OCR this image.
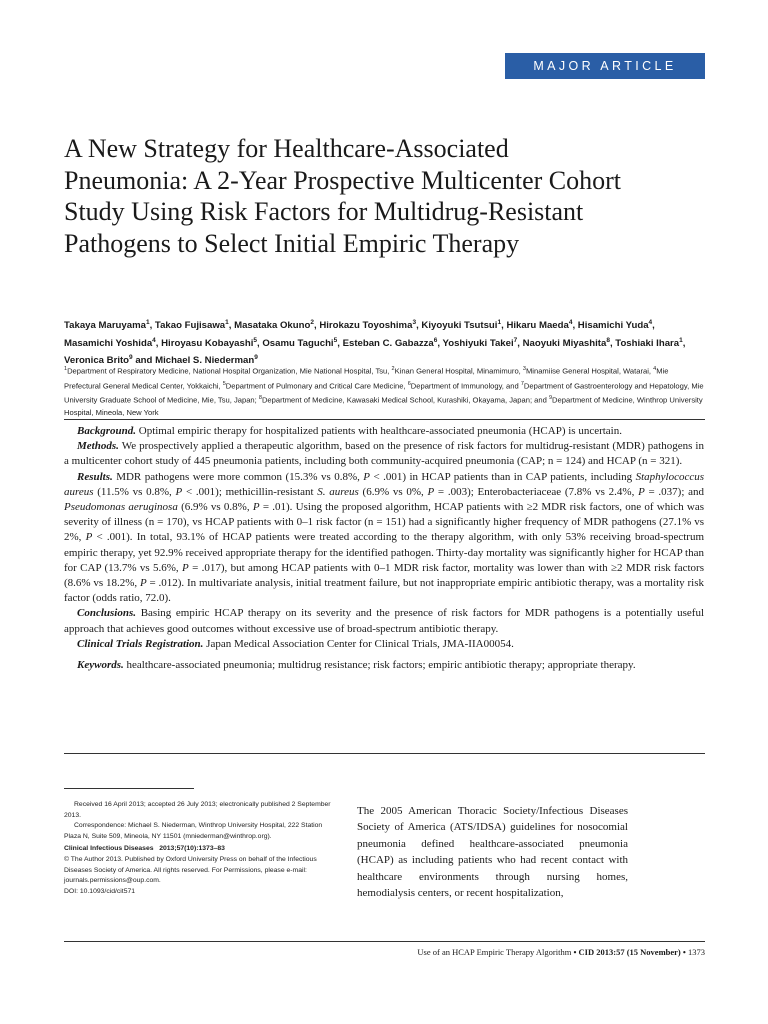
MAJOR ARTICLE
A New Strategy for Healthcare-Associated Pneumonia: A 2-Year Prospective Multicenter Cohort Study Using Risk Factors for Multidrug-Resistant Pathogens to Select Initial Empiric Therapy
Takaya Maruyama$^1$, Takao Fujisawa$^1$, Masataka Okuno$^2$, Hirokazu Toyoshima$^3$, Kiyoyuki Tsutsui$^1$, Hikaru Maeda$^4$, Hisamichi Yuda$^4$, Masamichi Yoshida$^4$, Hiroyasu Kobayashi$^5$, Osamu Taguchi$^5$, Esteban C. Gabazza$^6$, Yoshiyuki Takei$^7$, Naoyuki Miyashita$^8$, Toshiaki Ihara$^1$, Veronica Brito$^9$ and Michael S. Niederman$^9$
$^1$Department of Respiratory Medicine, National Hospital Organization, Mie National Hospital, Tsu, $^2$Kinan General Hospital, Minamimuro, $^3$Minamiise General Hospital, Watarai, $^4$Mie Prefectural General Medical Center, Yokkaichi, $^5$Department of Pulmonary and Critical Care Medicine, $^6$Department of Immunology, and $^7$Department of Gastroenterology and Hepatology, Mie University Graduate School of Medicine, Mie, Tsu, Japan; $^8$Department of Medicine, Kawasaki Medical School, Kurashiki, Okayama, Japan; and $^9$Department of Medicine, Winthrop University Hospital, Mineola, New York

Background. Optimal empiric therapy for hospitalized patients with healthcare-associated pneumonia (HCAP) is uncertain.

Methods. We prospectively applied a therapeutic algorithm, based on the presence of risk factors for multidrug-resistant (MDR) pathogens in a multicenter cohort study of 445 pneumonia patients, including both community-acquired pneumonia (CAP; n = 124) and HCAP (n = 321).

Results. MDR pathogens were more common (15.3% vs 0.8%, P < .001) in HCAP patients than in CAP patients, including Staphylococcus aureus (11.5% vs 0.8%, P < .001); methicillin-resistant S. aureus (6.9% vs 0%, P = .003); Enterobacteriaceae (7.8% vs 2.4%, P = .037); and Pseudomonas aeruginosa (6.9% vs 0.8%, P = .01). Using the proposed algorithm, HCAP patients with ≥2 MDR risk factors, one of which was severity of illness (n = 170), vs HCAP patients with 0–1 risk factor (n = 151) had a significantly higher frequency of MDR pathogens (27.1% vs 2%, P < .001). In total, 93.1% of HCAP patients were treated according to the therapy algorithm, with only 53% receiving broad-spectrum empiric therapy, yet 92.9% received appropriate therapy for the identified pathogen. Thirty-day mortality was significantly higher for HCAP than for CAP (13.7% vs 5.6%, P = .017), but among HCAP patients with 0–1 MDR risk factor, mortality was lower than with ≥2 MDR risk factors (8.6% vs 18.2%, P = .012). In multivariate analysis, initial treatment failure, but not inappropriate empiric antibiotic therapy, was a mortality risk factor (odds ratio, 72.0).

Conclusions. Basing empiric HCAP therapy on its severity and the presence of risk factors for MDR pathogens is a potentially useful approach that achieves good outcomes without excessive use of broad-spectrum antibiotic therapy.

Clinical Trials Registration. Japan Medical Association Center for Clinical Trials, JMA-IIA00054.

Keywords. healthcare-associated pneumonia; multidrug resistance; risk factors; empiric antibiotic therapy; appropriate therapy.

Received 16 April 2013; accepted 26 July 2013; electronically published 2 September 2013.

Correspondence: Michael S. Niederman, Winthrop University Hospital, 222 Station Plaza N, Suite 509, Mineola, NY 11501 (mniederman@winthrop.org).

Clinical Infectious Diseases   2013;57(10):1373–83

© The Author 2013. Published by Oxford University Press on behalf of the Infectious Diseases Society of America. All rights reserved. For Permissions, please e-mail: journals.permissions@oup.com.

DOI: 10.1093/cid/cit571

The 2005 American Thoracic Society/Infectious Diseases Society of America (ATS/IDSA) guidelines for nosocomial pneumonia defined healthcare-associated pneumonia (HCAP) as including patients who had recent contact with healthcare environments through nursing homes, hemodialysis centers, or recent hospitalization,

Use of an HCAP Empiric Therapy Algorithm • CID 2013:57 (15 November) • 1373
